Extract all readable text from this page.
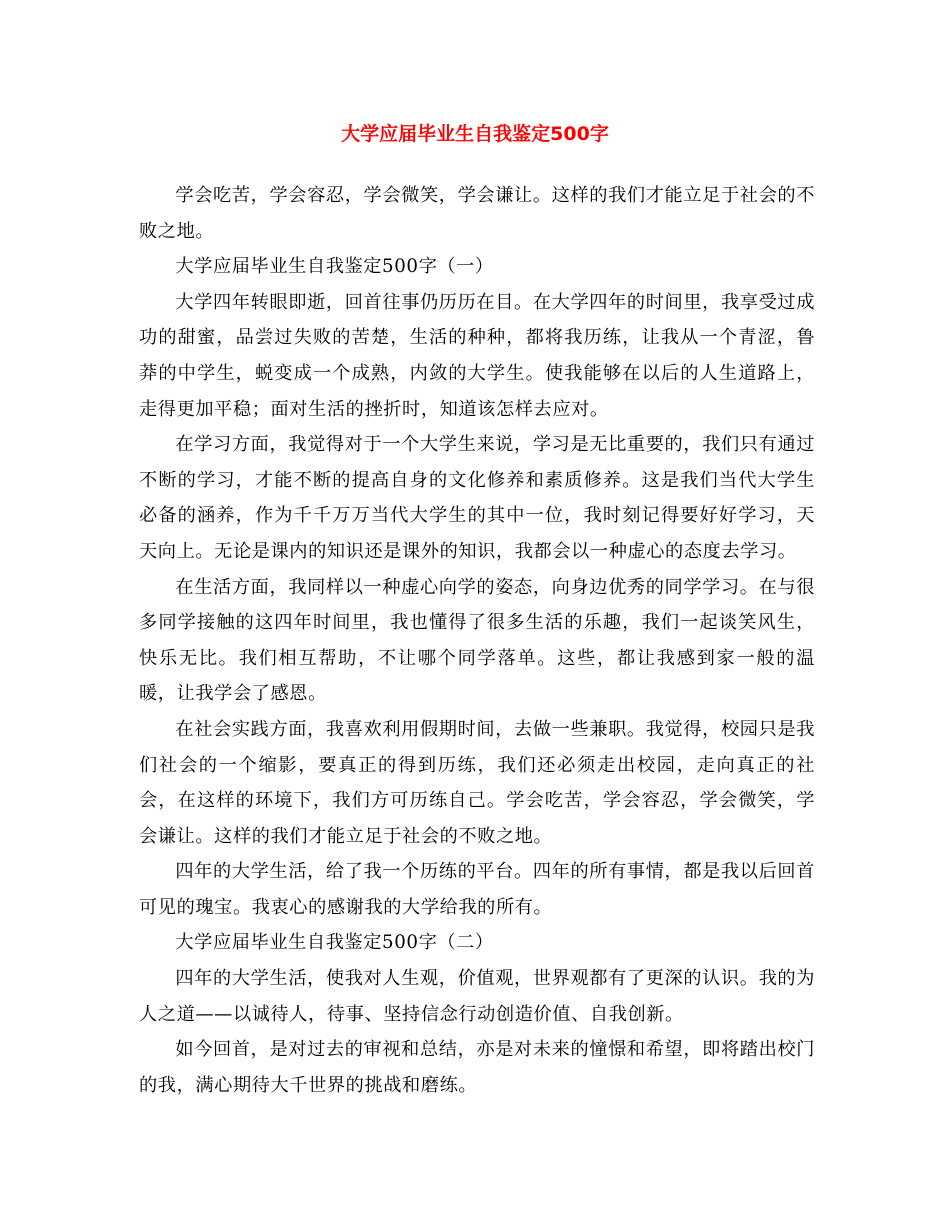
大学应届毕业生自我鉴定500字

学会吃苦，学会容忍，学会微笑，学会谦让。这样的我们才能立足于社会的不败之地。

大学应届毕业生自我鉴定500字（一）

大学四年转眼即逝，回首往事仍历历在目。在大学四年的时间里，我享受过成功的甜蜜，品尝过失败的苦楚，生活的种种，都将我历练，让我从一个青涩，鲁莽的中学生，蜕变成一个成熟，内敛的大学生。使我能够在以后的人生道路上，走得更加平稳；面对生活的挫折时，知道该怎样去应对。

在学习方面，我觉得对于一个大学生来说，学习是无比重要的，我们只有通过不断的学习，才能不断的提高自身的文化修养和素质修养。这是我们当代大学生必备的涵养，作为千千万万当代大学生的其中一位，我时刻记得要好好学习，天天向上。无论是课内的知识还是课外的知识，我都会以一种虚心的态度去学习。

在生活方面，我同样以一种虚心向学的姿态，向身边优秀的同学学习。在与很多同学接触的这四年时间里，我也懂得了很多生活的乐趣，我们一起谈笑风生，快乐无比。我们相互帮助，不让哪个同学落单。这些，都让我感到家一般的温暖，让我学会了感恩。

在社会实践方面，我喜欢利用假期时间，去做一些兼职。我觉得，校园只是我们社会的一个缩影，要真正的得到历练，我们还必须走出校园，走向真正的社会，在这样的环境下，我们方可历练自己。学会吃苦，学会容忍，学会微笑，学会谦让。这样的我们才能立足于社会的不败之地。

四年的大学生活，给了我一个历练的平台。四年的所有事情，都是我以后回首可见的瑰宝。我衷心的感谢我的大学给我的所有。

大学应届毕业生自我鉴定500字（二）

四年的大学生活，使我对人生观，价值观，世界观都有了更深的认识。我的为人之道——以诚待人，待事、坚持信念行动创造价值、自我创新。

如今回首，是对过去的审视和总结，亦是对未来的憧憬和希望，即将踏出校门的我，满心期待大千世界的挑战和磨练。
